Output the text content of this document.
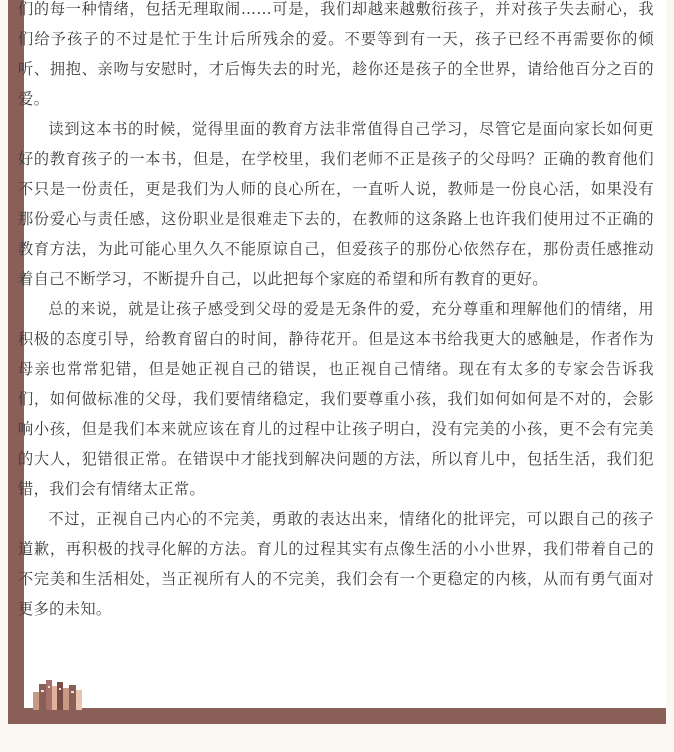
们的每一种情绪，包括无理取闹……可是，我们却越来越敷衍孩子，并对孩子失去耐心，我们给予孩子的不过是忙于生计后所残余的爱。不要等到有一天，孩子已经不再需要你的倾听、拥抱、亲吻与安慰时，才后悔失去的时光，趁你还是孩子的全世界，请给他百分之百的爱。

读到这本书的时候，觉得里面的教育方法非常值得自己学习，尽管它是面向家长如何更好的教育孩子的一本书，但是，在学校里，我们老师不正是孩子的父母吗？正确的教育他们不只是一份责任，更是我们为人师的良心所在，一直听人说，教师是一份良心活，如果没有那份爱心与责任感，这份职业是很难走下去的，在教师的这条路上也许我们使用过不正确的教育方法，为此可能心里久久不能原谅自己，但爱孩子的那份心依然存在，那份责任感推动着自己不断学习，不断提升自己，以此把每个家庭的希望和所有教育的更好。

总的来说，就是让孩子感受到父母的爱是无条件的爱，充分尊重和理解他们的情绪，用积极的态度引导，给教育留白的时间，静待花开。但是这本书给我更大的感触是，作者作为母亲也常常犯错，但是她正视自己的错误，也正视自己情绪。现在有太多的专家会告诉我们，如何做标准的父母，我们要情绪稳定，我们要尊重小孩，我们如何如何是不对的，会影响小孩，但是我们本来就应该在育儿的过程中让孩子明白，没有完美的小孩，更不会有完美的大人，犯错很正常。在错误中才能找到解决问题的方法，所以育儿中，包括生活，我们犯错，我们会有情绪太正常。

不过，正视自己内心的不完美，勇敢的表达出来，情绪化的批评完，可以跟自己的孩子道歉，再积极的找寻化解的方法。育儿的过程其实有点像生活的小小世界，我们带着自己的不完美和生活相处，当正视所有人的不完美，我们会有一个更稳定的内核，从而有勇气面对更多的未知。
